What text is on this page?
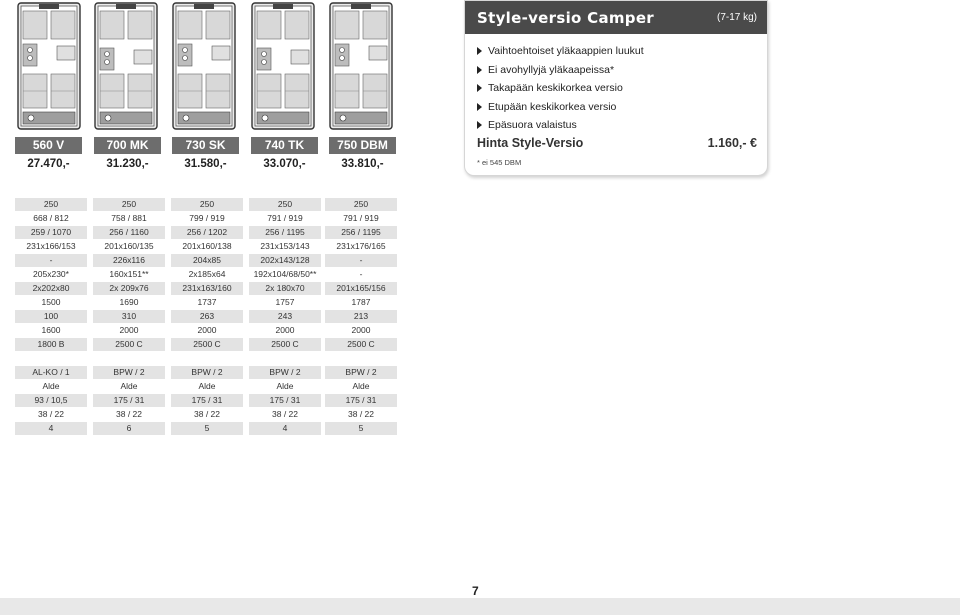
560 V
27.470,-
700 MK
31.230,-
730 SK
31.580,-
740 TK
33.070,-
750 DBM
33.810,-
Style-versio Camper	(7-17 kg)
Vaihtoehtoiset yläkaappien luukut
Ei avohyllyjä yläkaapeissa*
Takapään keskikorkea versio
Etupään keskikorkea versio
Epäsuora valaistus
Hinta Style-Versio	1.160,- €
* ei 545 DBM
250	250	250	250	250
668 / 812	758 / 881	799 / 919	791 / 919	791 / 919
259 / 1070	256 / 1160	256 / 1202	256 / 1195	256 / 1195
231x166/153	201x160/135	201x160/138	231x153/143	231x176/165
-	226x116	204x85	202x143/128	-
205x230*	160x151**	2x185x64	192x104/68/50**	-
2x202x80	2x 209x76	231x163/160	2x 180x70	201x165/156
1500	1690	1737	1757	1787
100	310	263	243	213
1600	2000	2000	2000	2000
1800 B	2500 C	2500 C	2500 C	2500 C
AL-KO / 1	BPW / 2	BPW / 2	BPW / 2	BPW / 2
Alde	Alde	Alde	Alde	Alde
93 / 10,5	175 / 31	175 / 31	175 / 31	175 / 31
38 / 22	38 / 22	38 / 22	38 / 22	38 / 22
4	6	5	4	5
7
